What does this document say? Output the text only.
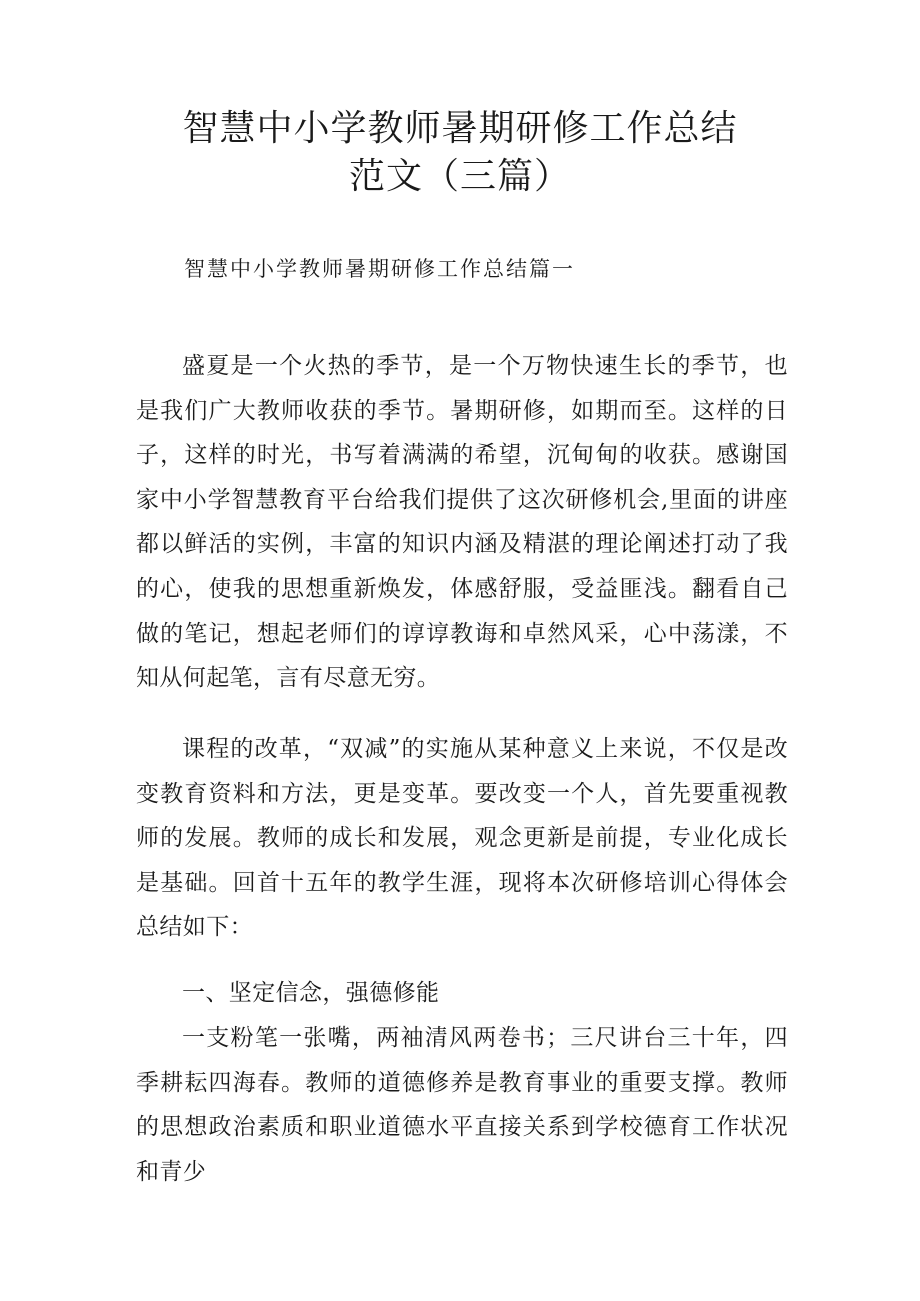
智慧中小学教师暑期研修工作总结
范文（三篇）

智慧中小学教师暑期研修工作总结篇一

盛夏是一个火热的季节，是一个万物快速生长的季节，也是我们广大教师收获的季节。暑期研修，如期而至。这样的日子，这样的时光，书写着满满的希望，沉甸甸的收获。感谢国家中小学智慧教育平台给我们提供了这次研修机会,里面的讲座都以鲜活的实例，丰富的知识内涵及精湛的理论阐述打动了我的心，使我的思想重新焕发，体感舒服，受益匪浅。翻看自己做的笔记，想起老师们的谆谆教诲和卓然风采，心中荡漾，不知从何起笔，言有尽意无穷。

课程的改革，“双减”的实施从某种意义上来说，不仅是改变教育资料和方法，更是变革。要改变一个人，首先要重视教师的发展。教师的成长和发展，观念更新是前提，专业化成长是基础。回首十五年的教学生涯，现将本次研修培训心得体会总结如下：

一、坚定信念，强德修能

一支粉笔一张嘴，两袖清风两卷书；三尺讲台三十年，四季耕耘四海春。教师的道德修养是教育事业的重要支撑。教师的思想政治素质和职业道德水平直接关系到学校德育工作状况和青少
